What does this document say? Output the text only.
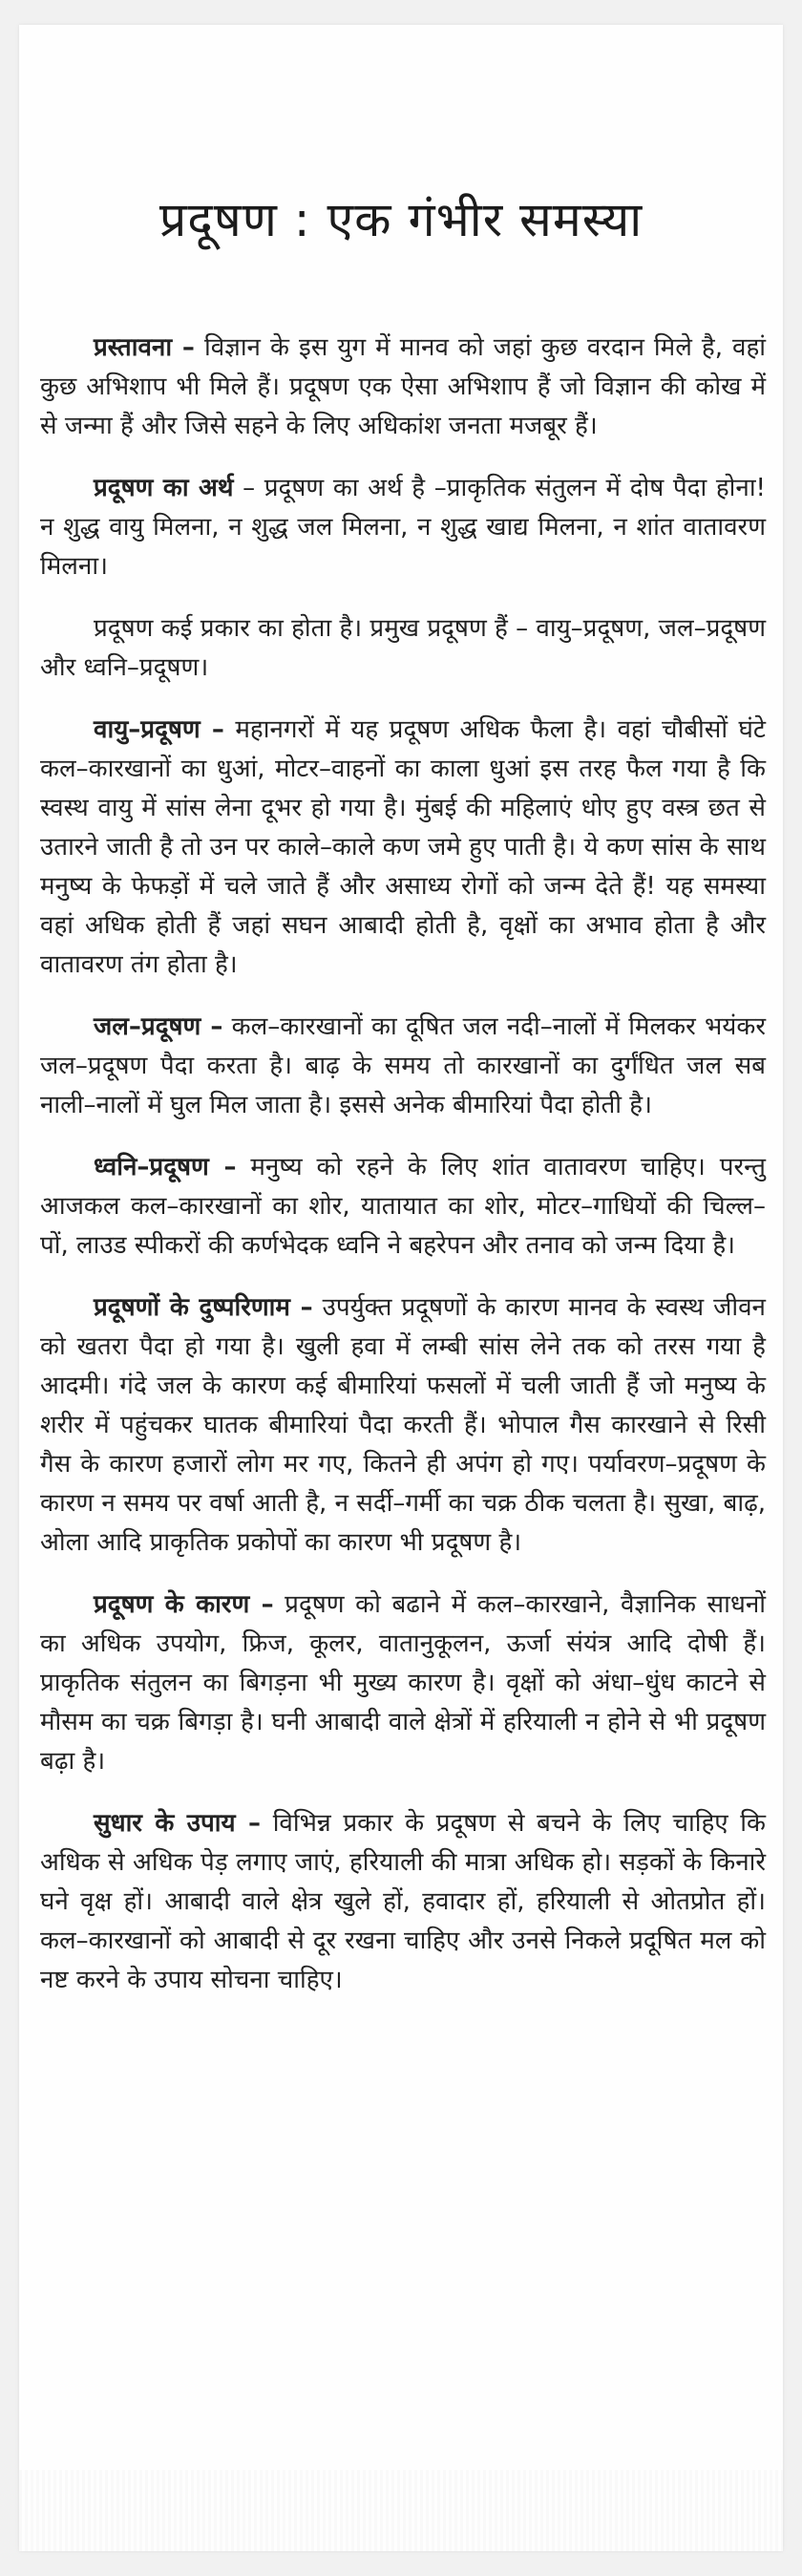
प्रदूषण : एक गंभीर समस्या

प्रस्तावना – विज्ञान के इस युग में मानव को जहां कुछ वरदान मिले है, वहां कुछ अभिशाप भी मिले हैं। प्रदूषण एक ऐसा अभिशाप हैं जो विज्ञान की कोख में से जन्मा हैं और जिसे सहने के लिए अधिकांश जनता मजबूर हैं।

प्रदूषण का अर्थ – प्रदूषण का अर्थ है –प्राकृतिक संतुलन में दोष पैदा होना! न शुद्ध वायु मिलना, न शुद्ध जल मिलना, न शुद्ध खाद्य मिलना, न शांत वातावरण मिलना।

प्रदूषण कई प्रकार का होता है। प्रमुख प्रदूषण हैं – वायु–प्रदूषण, जल–प्रदूषण और ध्वनि–प्रदूषण।

वायु–प्रदूषण – महानगरों में यह प्रदूषण अधिक फैला है। वहां चौबीसों घंटे कल–कारखानों का धुआं, मोटर–वाहनों का काला धुआं इस तरह फैल गया है कि स्वस्थ वायु में सांस लेना दूभर हो गया है। मुंबई की महिलाएं धोए हुए वस्त्र छत से उतारने जाती है तो उन पर काले–काले कण जमे हुए पाती है। ये कण सांस के साथ मनुष्य के फेफड़ों में चले जाते हैं और असाध्य रोगों को जन्म देते हैं! यह समस्या वहां अधिक होती हैं जहां सघन आबादी होती है, वृक्षों का अभाव होता है और वातावरण तंग होता है।

जल–प्रदूषण – कल–कारखानों का दूषित जल नदी–नालों में मिलकर भयंकर जल–प्रदूषण पैदा करता है। बाढ़ के समय तो कारखानों का दुर्गंधित जल सब नाली–नालों में घुल मिल जाता है। इससे अनेक बीमारियां पैदा होती है।

ध्वनि–प्रदूषण – मनुष्य को रहने के लिए शांत वातावरण चाहिए। परन्तु आजकल कल–कारखानों का शोर, यातायात का शोर, मोटर–गाधियों की चिल्ल–पों, लाउड स्पीकरों की कर्णभेदक ध्वनि ने बहरेपन और तनाव को जन्म दिया है।

प्रदूषणों के दुष्परिणाम – उपर्युक्त प्रदूषणों के कारण मानव के स्वस्थ जीवन को खतरा पैदा हो गया है। खुली हवा में लम्बी सांस लेने तक को तरस गया है आदमी। गंदे जल के कारण कई बीमारियां फसलों में चली जाती हैं जो मनुष्य के शरीर में पहुंचकर घातक बीमारियां पैदा करती हैं। भोपाल गैस कारखाने से रिसी गैस के कारण हजारों लोग मर गए, कितने ही अपंग हो गए। पर्यावरण–प्रदूषण के कारण न समय पर वर्षा आती है, न सर्दी–गर्मी का चक्र ठीक चलता है। सुखा, बाढ़, ओला आदि प्राकृतिक प्रकोपों का कारण भी प्रदूषण है।

प्रदूषण के कारण – प्रदूषण को बढाने में कल–कारखाने, वैज्ञानिक साधनों का अधिक उपयोग, फ्रिज, कूलर, वातानुकूलन, ऊर्जा संयंत्र आदि दोषी हैं। प्राकृतिक संतुलन का बिगड़ना भी मुख्य कारण है। वृक्षों को अंधा–धुंध काटने से मौसम का चक्र बिगड़ा है। घनी आबादी वाले क्षेत्रों में हरियाली न होने से भी प्रदूषण बढ़ा है।

सुधार के उपाय – विभिन्न प्रकार के प्रदूषण से बचने के लिए चाहिए कि अधिक से अधिक पेड़ लगाए जाएं, हरियाली की मात्रा अधिक हो। सड़कों के किनारे घने वृक्ष हों। आबादी वाले क्षेत्र खुले हों, हवादार हों, हरियाली से ओतप्रोत हों। कल–कारखानों को आबादी से दूर रखना चाहिए और उनसे निकले प्रदूषित मल को नष्ट करने के उपाय सोचना चाहिए।
